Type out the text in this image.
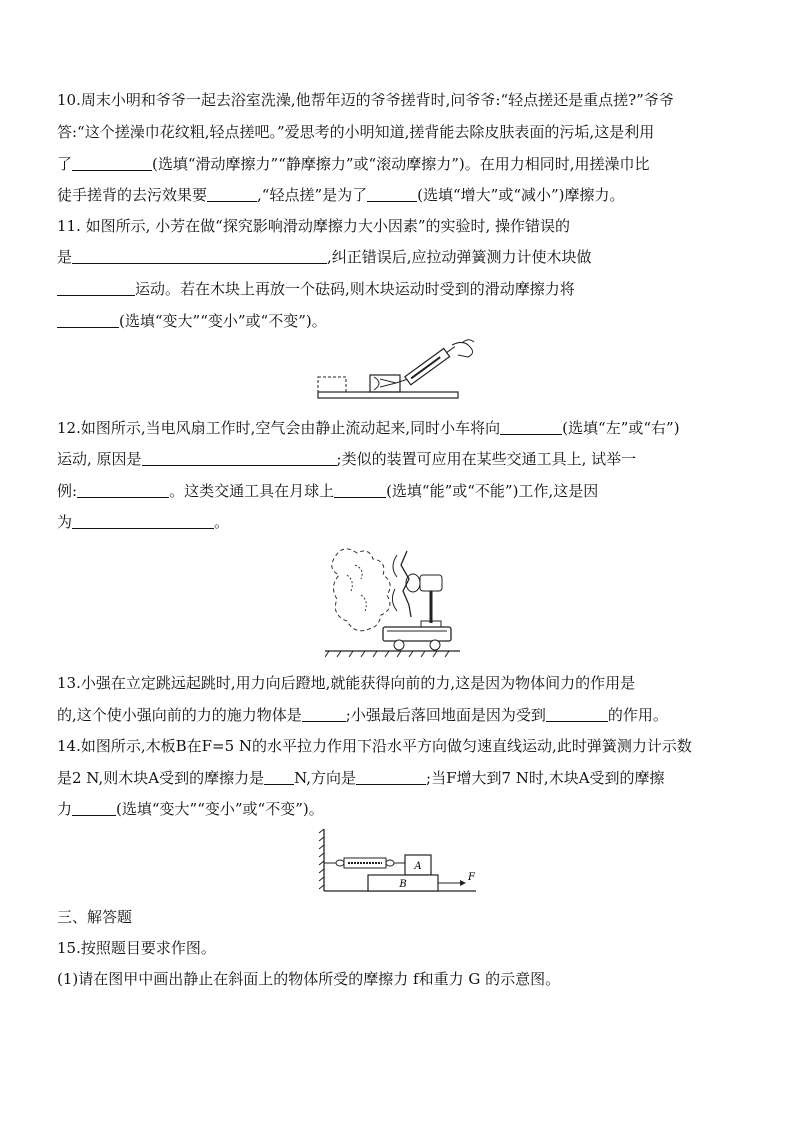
10.周末小明和爷爷一起去浴室洗澡,他帮年迈的爷爷搓背时,问爷爷:“轻点搓还是重点搓?”爷爷
答:“这个搓澡巾花纹粗,轻点搓吧。”爱思考的小明知道,搓背能去除皮肤表面的污垢,这是利用
了	(选填“滑动摩擦力”“静摩擦力”或“滚动摩擦力”)。在用力相同时,用搓澡巾比
徒手搓背的去污效果要	,“轻点搓”是为了	(选填“增大”或“减小”)摩擦力。
11. 如图所示, 小芳在做“探究影响滑动摩擦力大小因素”的实验时, 操作错误的
是	,纠正错误后,应拉动弹簧测力计使木块做
运动。若在木块上再放一个砝码,则木块运动时受到的滑动摩擦力将
(选填“变大”“变小”或“不变”)。
12.如图所示,当电风扇工作时,空气会由静止流动起来,同时小车将向	(选填“左”或“右”)
运动, 原因是	;类似的装置可应用在某些交通工具上, 试举一
例:	。这类交通工具在月球上	(选填“能”或“不能”)工作,这是因
为	。
13.小强在立定跳远起跳时,用力向后蹬地,就能获得向前的力,这是因为物体间力的作用是
的,这个使小强向前的力的施力物体是	;小强最后落回地面是因为受到	的作用。
14.如图所示,木板B在F=5 N的水平拉力作用下沿水平方向做匀速直线运动,此时弹簧测力计示数
是2 N,则木块A受到的摩擦力是 N,方向是	;当F增大到7 N时,木块A受到的摩擦
力	(选填“变大”“变小”或“不变”)。
A
B
F
三、解答题
15.按照题目要求作图。
(1)请在图甲中画出静止在斜面上的物体所受的摩擦力 f和重力 G 的示意图。
